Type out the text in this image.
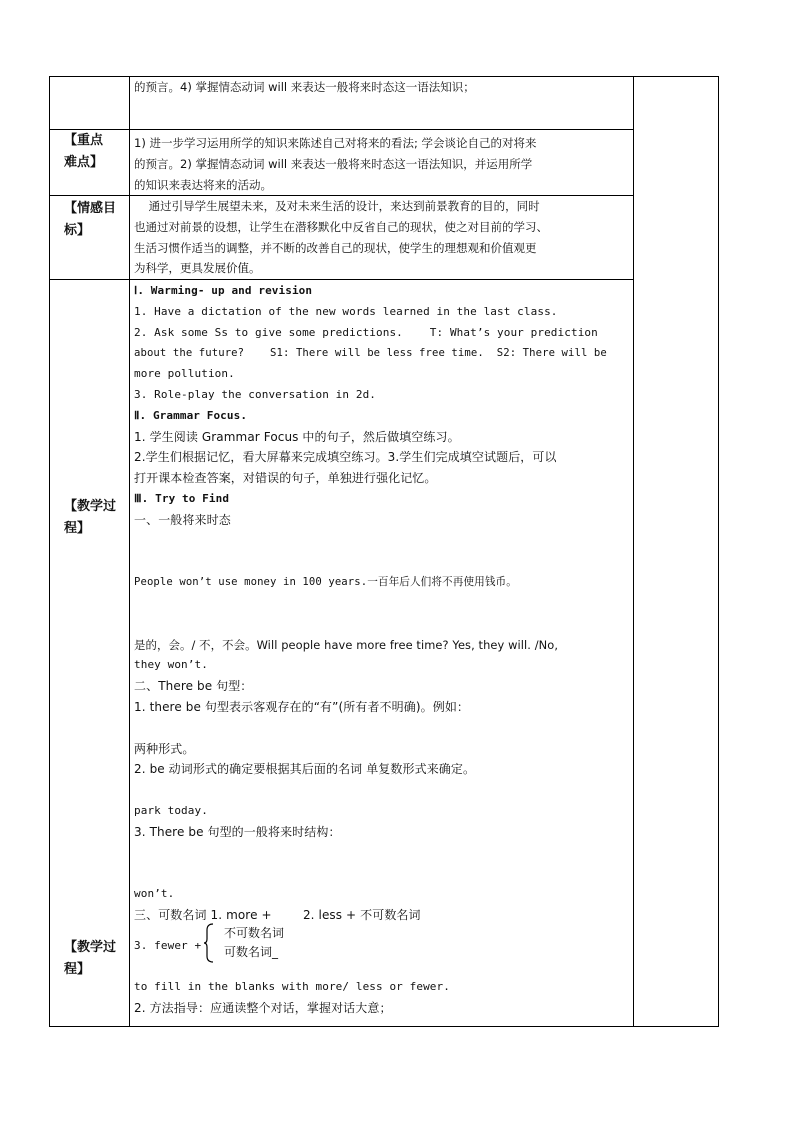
的预言。4) 掌握情态动词 will 来表达一般将来时态这一语法知识；
【重点
难点】
1) 进一步学习运用所学的知识来陈述自己对将来的看法; 学会谈论自己的对将来
的预言。2) 掌握情态动词 will 来表达一般将来时态这一语法知识，并运用所学
的知识来表达将来的活动。
【情感目
标】
通过引导学生展望未来，及对未来生活的设计，来达到前景教育的目的，同时
也通过对前景的设想，让学生在潜移默化中反省自己的现状，使之对目前的学习、
生活习惯作适当的调整，并不断的改善自己的现状，使学生的理想观和价值观更
为科学，更具发展价值。
【教学过
程】
【教学过
程】
Ⅰ. Warming- up and revision
1. Have a dictation of the new words learned in the last class.
2. Ask some Ss to give some predictions.    T: What’s your prediction
about the future?    S1: There will be less free time.  S2: There will be
more pollution.
3. Role-play the conversation in 2d.
Ⅱ. Grammar Focus.
1. 学生阅读 Grammar Focus 中的句子，然后做填空练习。
2.学生们根据记忆，看大屏幕来完成填空练习。3.学生们完成填空试题后，可以
打开课本检查答案，对错误的句子，单独进行强化记忆。
Ⅲ. Try to Find
一、一般将来时态

People won’t use money in 100 years.一百年后人们将不再使用钱币。

是的，会。/ 不，不会。Will people have more free time? Yes, they will. /No,
they won’t.
二、There be 句型：
1. there be 句型表示客观存在的“有”(所有者不明确)。例如：

两种形式。
2. be 动词形式的确定要根据其后面的名词 单复数形式来确定。

park today.
3. There be 句型的一般将来时结构：

won’t.
三、可数名词 1. more +        2. less + 不可数名词
3. fewer +

to fill in the blanks with more/ less or fewer.
2. 方法指导：应通读整个对话，掌握对话大意；
不可数名词
可数名词_
